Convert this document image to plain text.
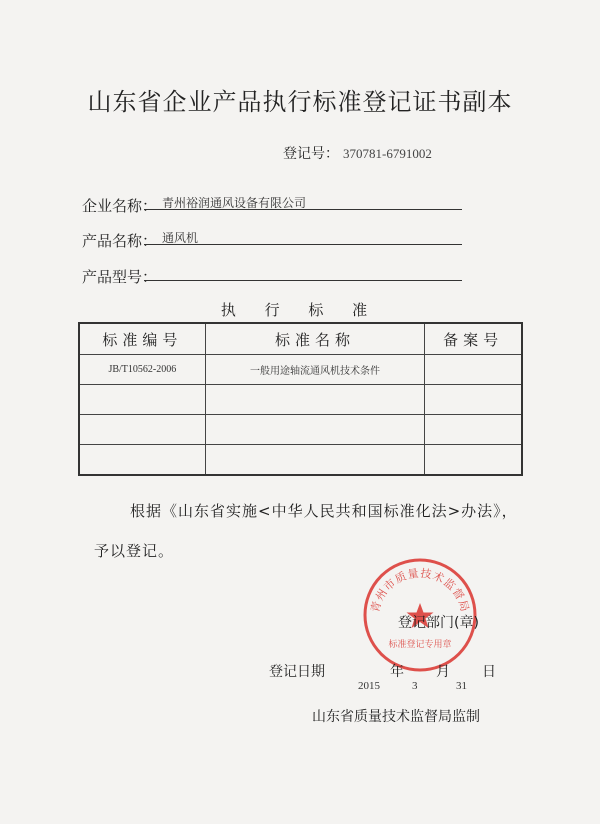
山东省企业产品执行标准登记证书副本
登记号： 370781-6791002
企业名称： 青州裕润通风设备有限公司
产品名称： 通风机
产品型号：
执 行 标 准
标准编号	标准名称	备案号
JB/T10562-2006	一般用途轴流通风机技术条件	

根据《山东省实施<中华人民共和国标准化法>办法》，
予以登记。
青州市质量技术监督局
标准登记专用章
登记部门(章)
登记日期	年 月 日
2015	3	31
山东省质量技术监督局监制
